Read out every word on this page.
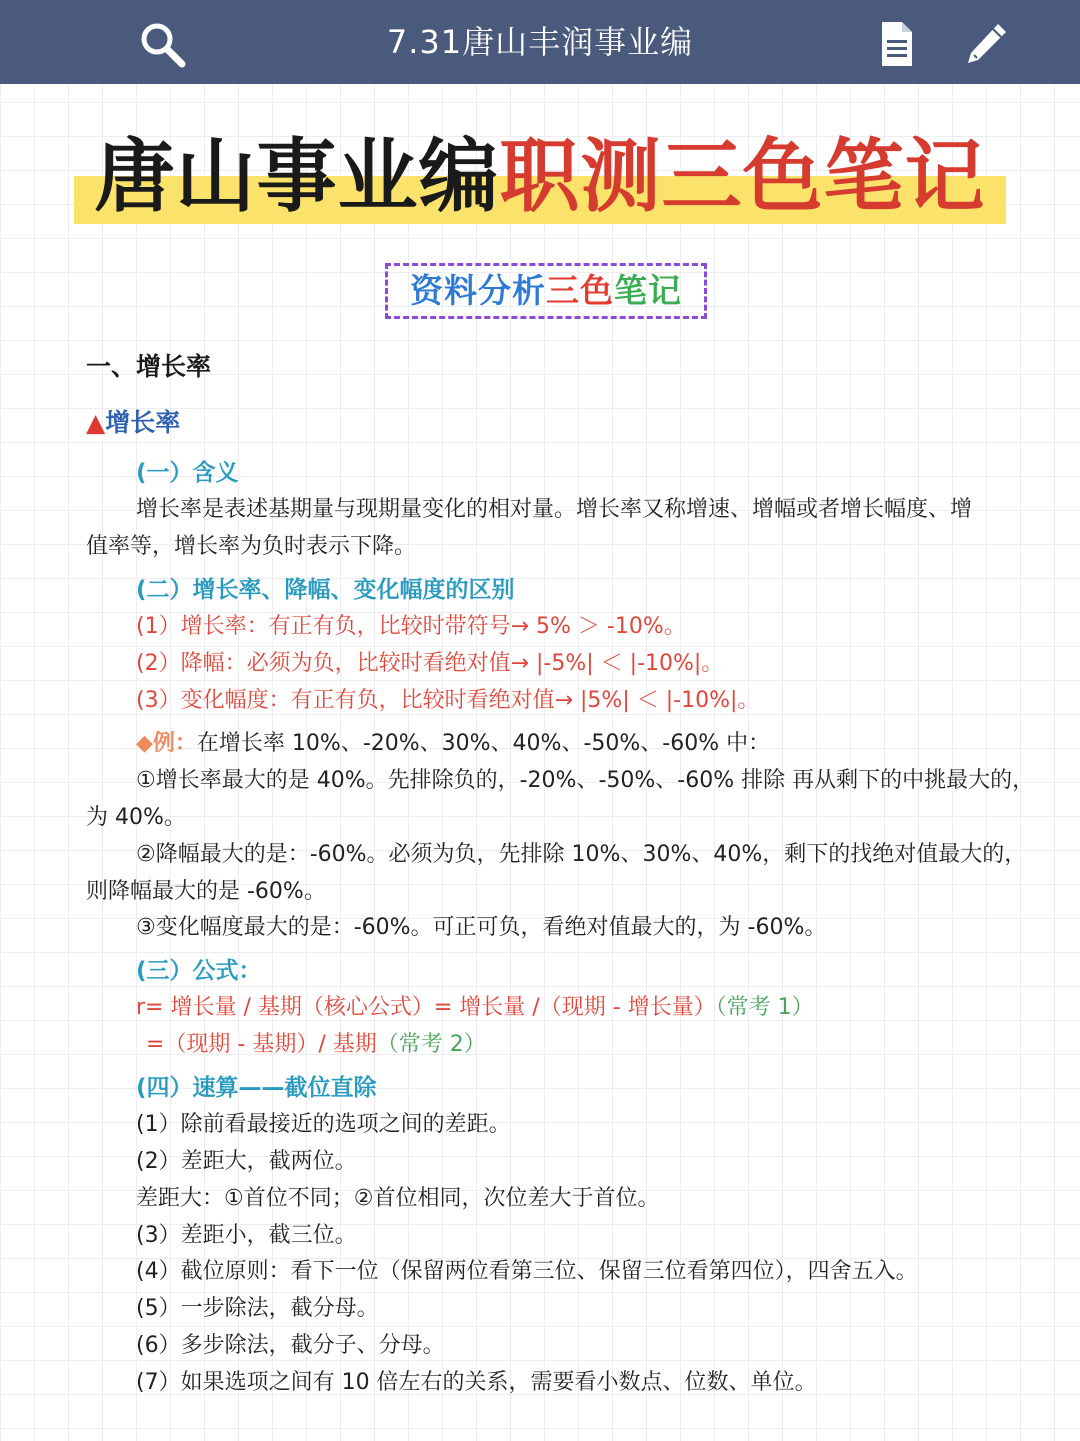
7.31唐山丰润事业编
唐山事业编职测三色笔记
资料分析三色笔记
一、增长率
▲增长率
(一）含义
增长率是表述基期量与现期量变化的相对量。增长率又称增速、增幅或者增长幅度、增
值率等，增长率为负时表示下降。
(二）增长率、降幅、变化幅度的区别
(1）增长率：有正有负，比较时带符号→ 5% ＞ -10%。
(2）降幅：必须为负，比较时看绝对值→ |-5%| ＜ |-10%|。
(3）变化幅度：有正有负，比较时看绝对值→ |5%| ＜ |-10%|。
◆例：在增长率 10%、-20%、30%、40%、-50%、-60% 中：
①增长率最大的是 40%。先排除负的，-20%、-50%、-60% 排除 再从剩下的中挑最大的，
为 40%。
②降幅最大的是：-60%。必须为负，先排除 10%、30%、40%，剩下的找绝对值最大的，
则降幅最大的是 -60%。
③变化幅度最大的是：-60%。可正可负，看绝对值最大的，为 -60%。
(三）公式：
r= 增长量 / 基期（核心公式）= 增长量 /（现期 - 增长量）（常考 1）
=（现期 - 基期）/ 基期（常考 2）
(四）速算——截位直除
(1）除前看最接近的选项之间的差距。
(2）差距大，截两位。
差距大：①首位不同；②首位相同，次位差大于首位。
(3）差距小，截三位。
(4）截位原则：看下一位（保留两位看第三位、保留三位看第四位），四舍五入。
(5）一步除法，截分母。
(6）多步除法，截分子、分母。
(7）如果选项之间有 10 倍左右的关系，需要看小数点、位数、单位。
